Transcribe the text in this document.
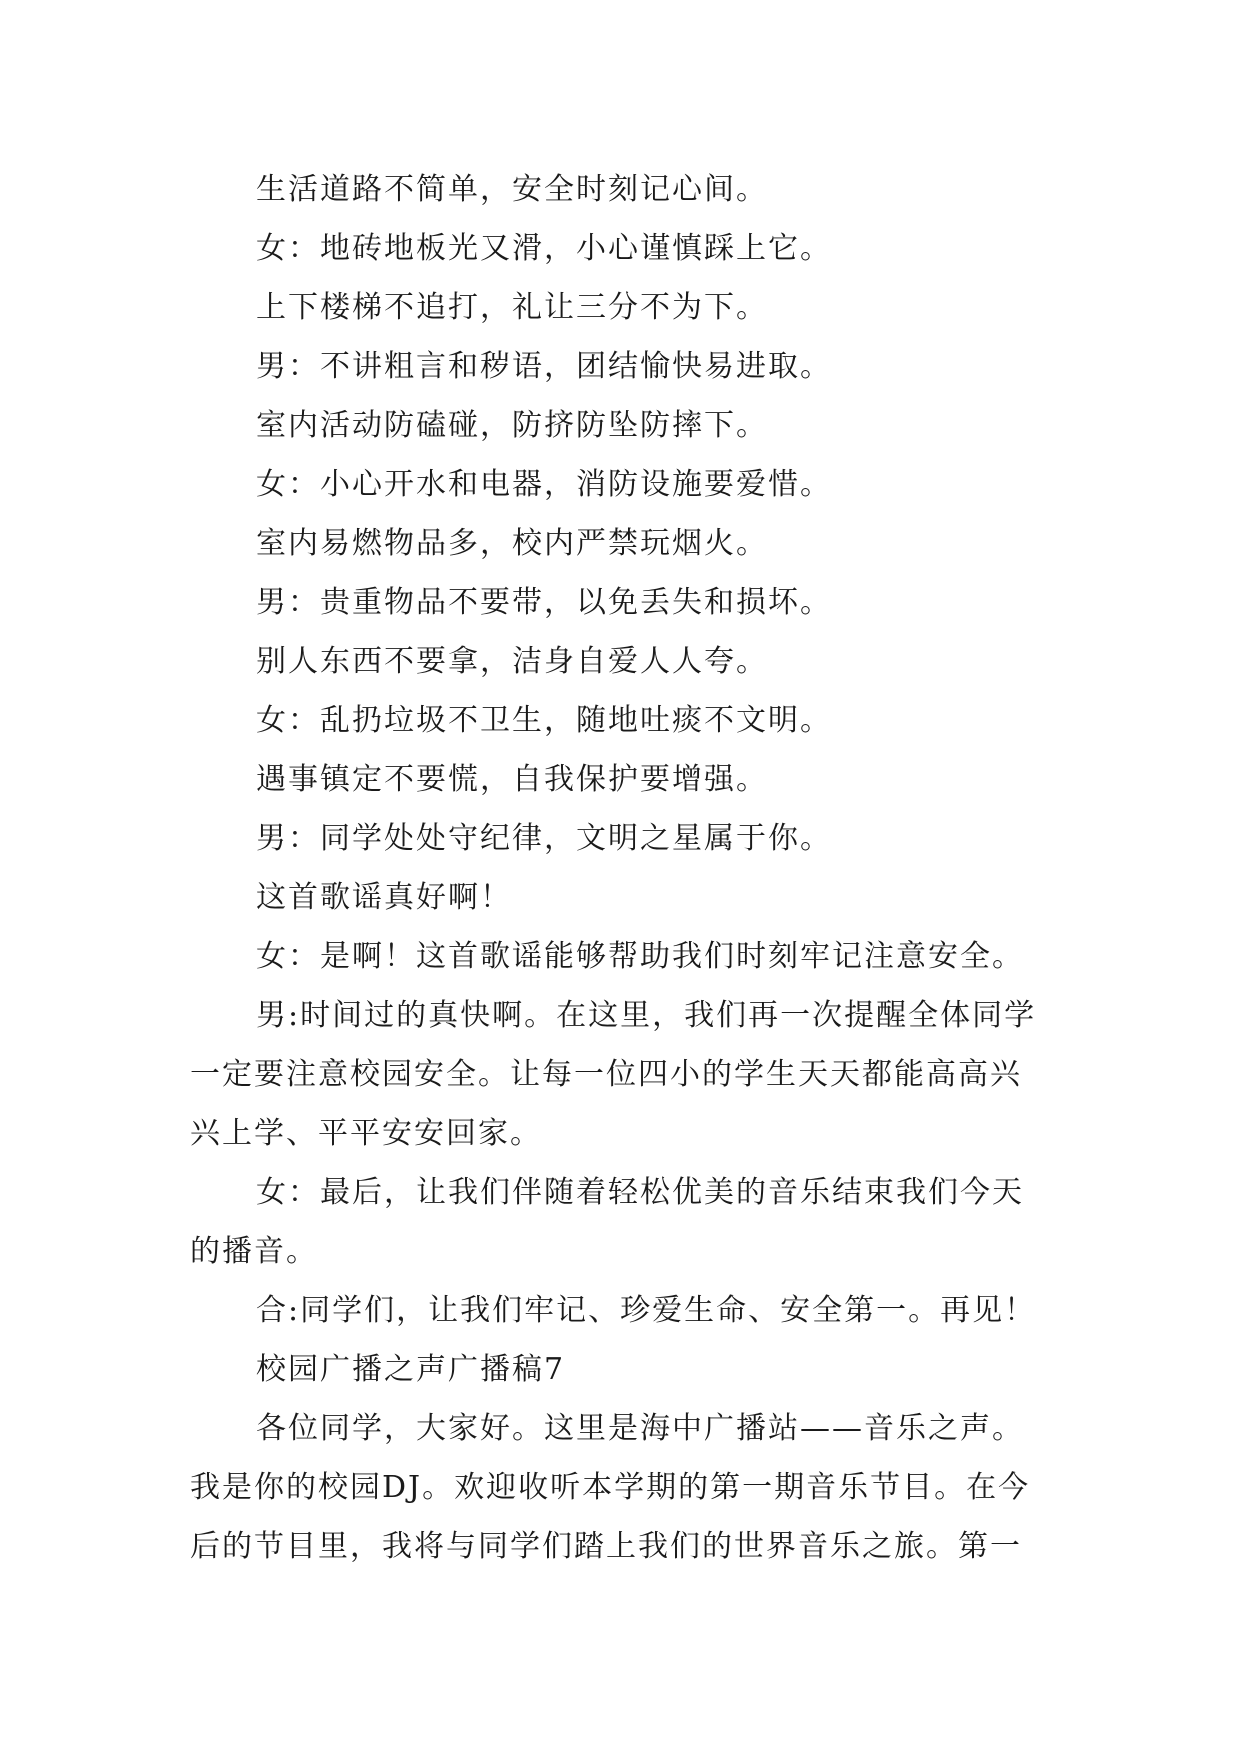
生活道路不简单，安全时刻记心间。

女：地砖地板光又滑，小心谨慎踩上它。

上下楼梯不追打，礼让三分不为下。

男：不讲粗言和秽语，团结愉快易进取。

室内活动防磕碰，防挤防坠防摔下。

女：小心开水和电器，消防设施要爱惜。

室内易燃物品多，校内严禁玩烟火。

男：贵重物品不要带，以免丢失和损坏。

别人东西不要拿，洁身自爱人人夸。

女：乱扔垃圾不卫生，随地吐痰不文明。

遇事镇定不要慌，自我保护要增强。

男：同学处处守纪律，文明之星属于你。

这首歌谣真好啊！

女：是啊！这首歌谣能够帮助我们时刻牢记注意安全。

男:时间过的真快啊。在这里，我们再一次提醒全体同学一定要注意校园安全。让每一位四小的学生天天都能高高兴兴上学、平平安安回家。

女：最后，让我们伴随着轻松优美的音乐结束我们今天的播音。

合:同学们，让我们牢记、珍爱生命、安全第一。再见！

校园广播之声广播稿7

各位同学，大家好。这里是海中广播站——音乐之声。我是你的校园DJ。欢迎收听本学期的第一期音乐节目。在今后的节目里，我将与同学们踏上我们的世界音乐之旅。第一
